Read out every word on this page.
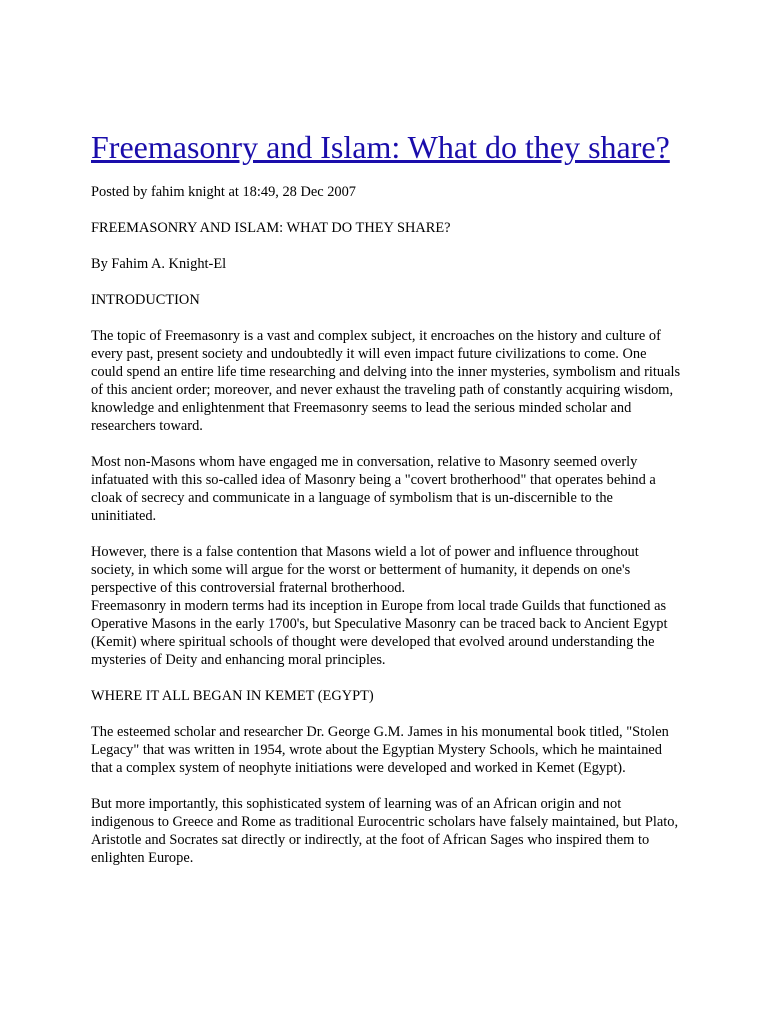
Freemasonry and Islam: What do they share?

Posted by fahim knight at 18:49, 28 Dec 2007

FREEMASONRY AND ISLAM: WHAT DO THEY SHARE?

By Fahim A. Knight-El

INTRODUCTION

The topic of Freemasonry is a vast and complex subject, it encroaches on the history and culture of every past, present society and undoubtedly it will even impact future civilizations to come. One could spend an entire life time researching and delving into the inner mysteries, symbolism and rituals of this ancient order; moreover, and never exhaust the traveling path of constantly acquiring wisdom, knowledge and enlightenment that Freemasonry seems to lead the serious minded scholar and researchers toward.

Most non-Masons whom have engaged me in conversation, relative to Masonry seemed overly infatuated with this so-called idea of Masonry being a "covert brotherhood" that operates behind a cloak of secrecy and communicate in a language of symbolism that is un-discernible to the uninitiated.

However, there is a false contention that Masons wield a lot of power and influence throughout society, in which some will argue for the worst or betterment of humanity, it depends on one's perspective of this controversial fraternal brotherhood.

Freemasonry in modern terms had its inception in Europe from local trade Guilds that functioned as Operative Masons in the early 1700's, but Speculative Masonry can be traced back to Ancient Egypt (Kemit) where spiritual schools of thought were developed that evolved around understanding the mysteries of Deity and enhancing moral principles.

WHERE IT ALL BEGAN IN KEMET (EGYPT)

The esteemed scholar and researcher Dr. George G.M. James in his monumental book titled, "Stolen Legacy" that was written in 1954, wrote about the Egyptian Mystery Schools, which he maintained that a complex system of neophyte initiations were developed and worked in Kemet (Egypt).

But more importantly, this sophisticated system of learning was of an African origin and not indigenous to Greece and Rome as traditional Eurocentric scholars have falsely maintained, but Plato, Aristotle and Socrates sat directly or indirectly, at the foot of African Sages who inspired them to enlighten Europe.
